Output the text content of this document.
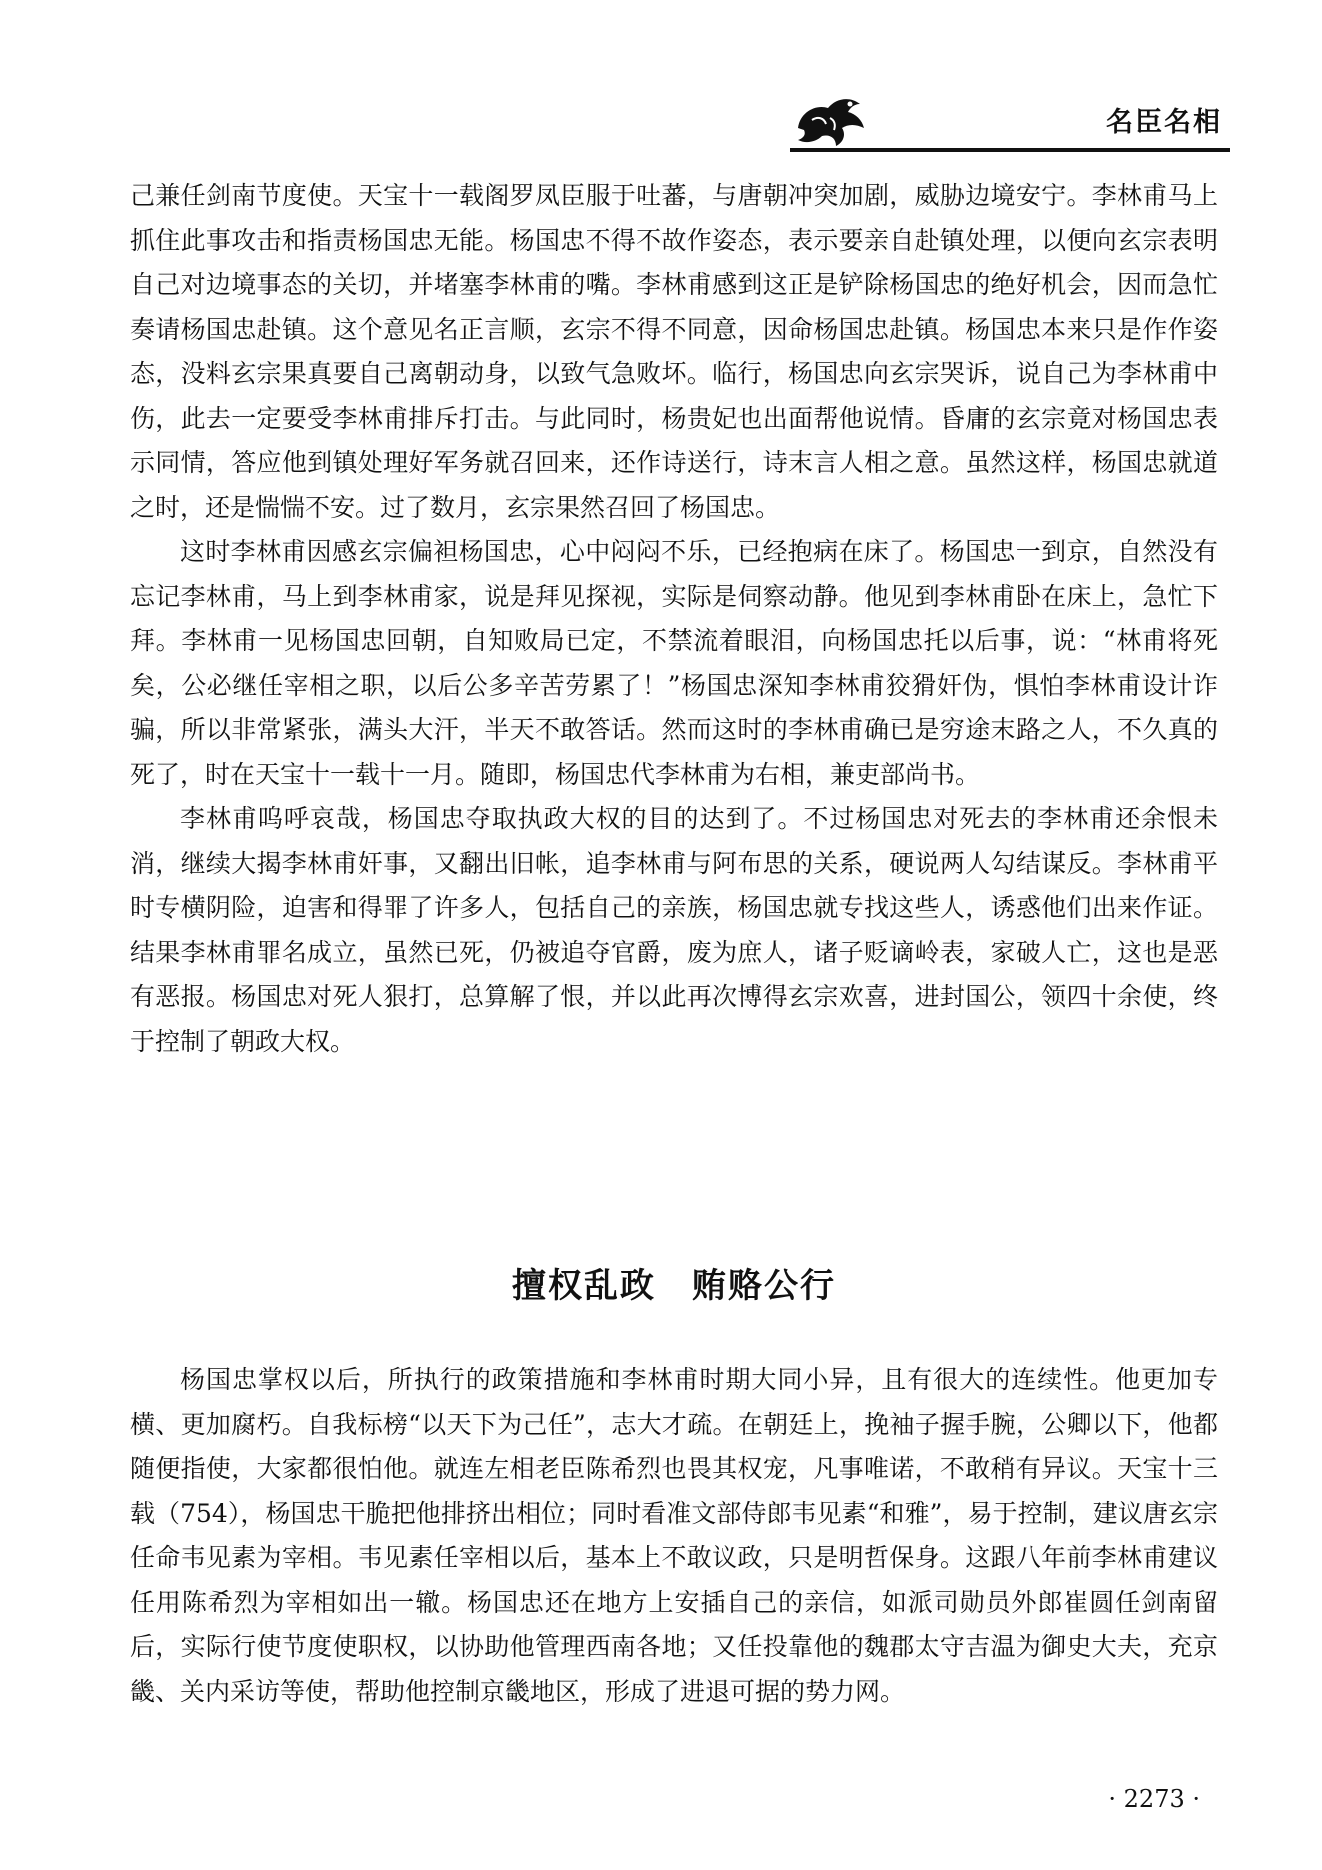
名臣名相

己兼任剑南节度使。天宝十一载阁罗凤臣服于吐蕃，与唐朝冲突加剧，威胁边境安宁。李林甫马上抓住此事攻击和指责杨国忠无能。杨国忠不得不故作姿态，表示要亲自赴镇处理，以便向玄宗表明自己对边境事态的关切，并堵塞李林甫的嘴。李林甫感到这正是铲除杨国忠的绝好机会，因而急忙奏请杨国忠赴镇。这个意见名正言顺，玄宗不得不同意，因命杨国忠赴镇。杨国忠本来只是作作姿态，没料玄宗果真要自己离朝动身，以致气急败坏。临行，杨国忠向玄宗哭诉，说自己为李林甫中伤，此去一定要受李林甫排斥打击。与此同时，杨贵妃也出面帮他说情。昏庸的玄宗竟对杨国忠表示同情，答应他到镇处理好军务就召回来，还作诗送行，诗末言人相之意。虽然这样，杨国忠就道之时，还是惴惴不安。过了数月，玄宗果然召回了杨国忠。

这时李林甫因感玄宗偏袒杨国忠，心中闷闷不乐，已经抱病在床了。杨国忠一到京，自然没有忘记李林甫，马上到李林甫家，说是拜见探视，实际是伺察动静。他见到李林甫卧在床上，急忙下拜。李林甫一见杨国忠回朝，自知败局已定，不禁流着眼泪，向杨国忠托以后事，说：“林甫将死矣，公必继任宰相之职，以后公多辛苦劳累了！”杨国忠深知李林甫狡猾奸伪，惧怕李林甫设计诈骗，所以非常紧张，满头大汗，半天不敢答话。然而这时的李林甫确已是穷途末路之人，不久真的死了，时在天宝十一载十一月。随即，杨国忠代李林甫为右相，兼吏部尚书。

李林甫呜呼哀哉，杨国忠夺取执政大权的目的达到了。不过杨国忠对死去的李林甫还余恨未消，继续大揭李林甫奸事，又翻出旧帐，追李林甫与阿布思的关系，硬说两人勾结谋反。李林甫平时专横阴险，迫害和得罪了许多人，包括自己的亲族，杨国忠就专找这些人，诱惑他们出来作证。结果李林甫罪名成立，虽然已死，仍被追夺官爵，废为庶人，诸子贬谪岭表，家破人亡，这也是恶有恶报。杨国忠对死人狠打，总算解了恨，并以此再次博得玄宗欢喜，进封国公，领四十余使，终于控制了朝政大权。

擅权乱政　贿赂公行

杨国忠掌权以后，所执行的政策措施和李林甫时期大同小异，且有很大的连续性。他更加专横、更加腐朽。自我标榜“以天下为己任”，志大才疏。在朝廷上，挽袖子握手腕，公卿以下，他都随便指使，大家都很怕他。就连左相老臣陈希烈也畏其权宠，凡事唯诺，不敢稍有异议。天宝十三载（754），杨国忠干脆把他排挤出相位；同时看准文部侍郎韦见素“和雅”，易于控制，建议唐玄宗任命韦见素为宰相。韦见素任宰相以后，基本上不敢议政，只是明哲保身。这跟八年前李林甫建议任用陈希烈为宰相如出一辙。杨国忠还在地方上安插自己的亲信，如派司勋员外郎崔圆任剑南留后，实际行使节度使职权，以协助他管理西南各地；又任投靠他的魏郡太守吉温为御史大夫，充京畿、关内采访等使，帮助他控制京畿地区，形成了进退可据的势力网。

· 2273 ·
